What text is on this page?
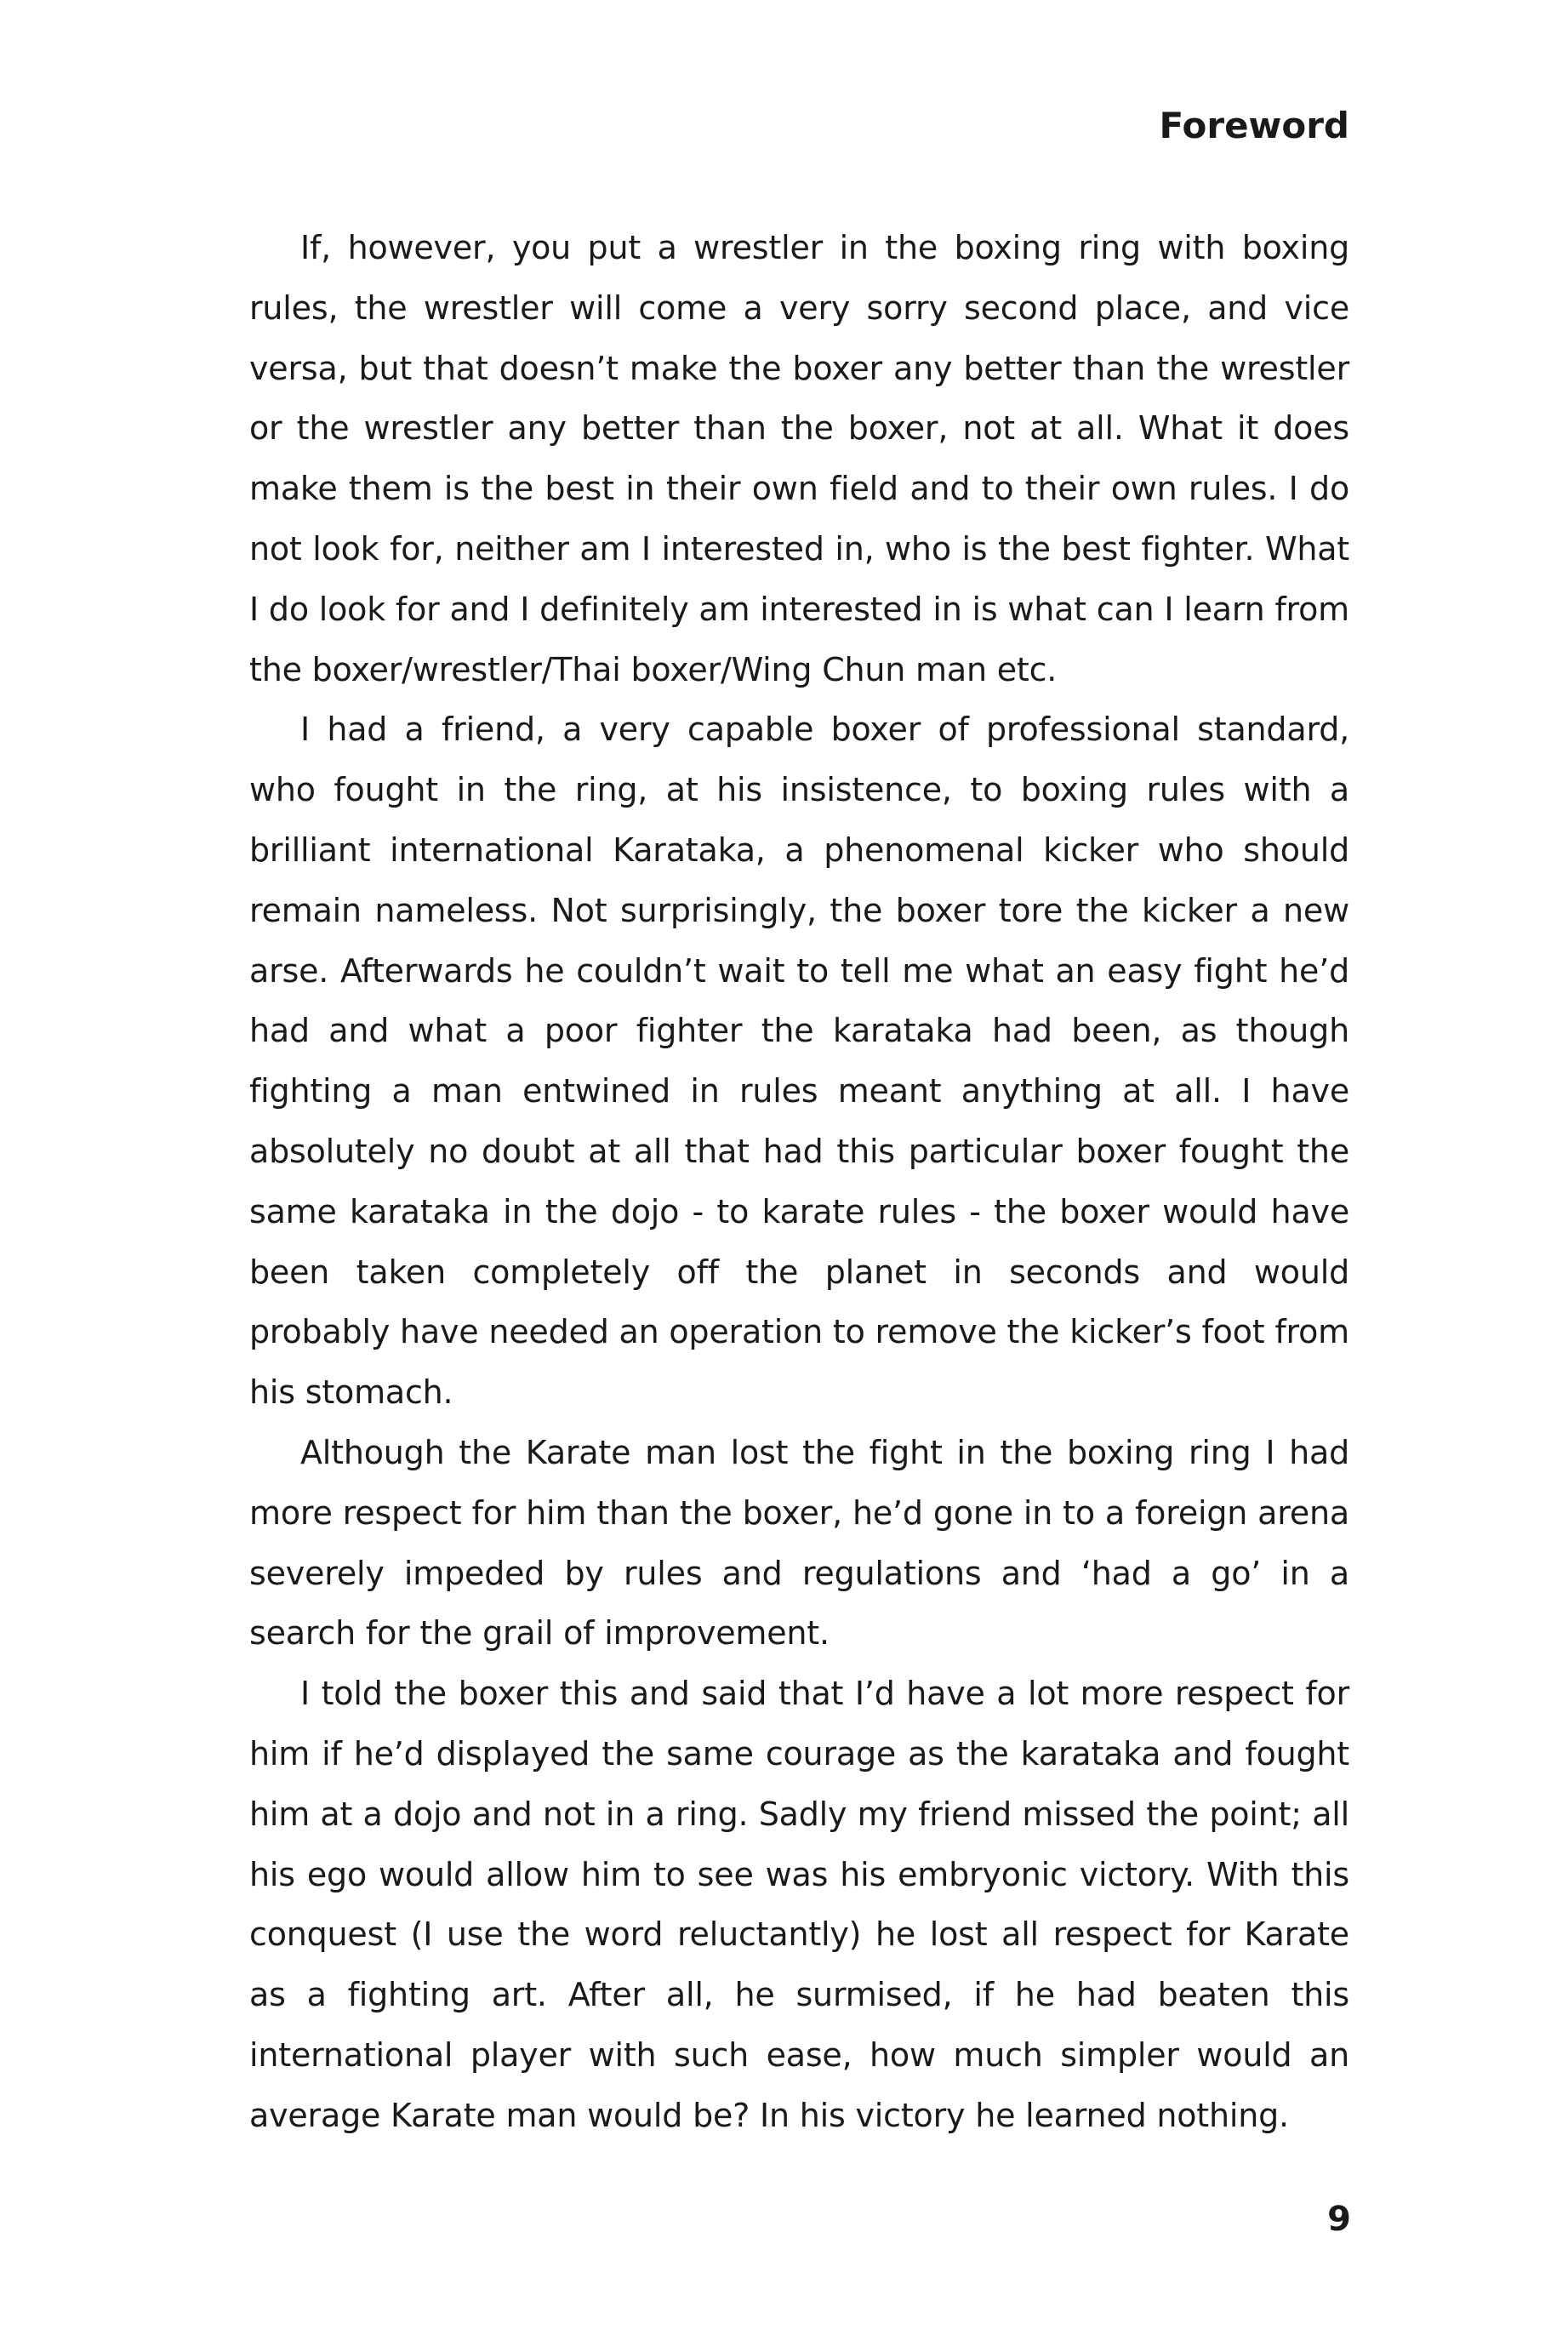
Foreword

If, however, you put a wrestler in the boxing ring with boxing rules, the wrestler will come a very sorry second place, and vice versa, but that doesn’t make the boxer any better than the wrestler or the wrestler any better than the boxer, not at all. What it does make them is the best in their own field and to their own rules. I do not look for, neither am I interested in, who is the best fighter. What I do look for and I definitely am interested in is what can I learn from the boxer/wrestler/Thai boxer/Wing Chun man etc.

I had a friend, a very capable boxer of professional standard, who fought in the ring, at his insistence, to boxing rules with a brilliant international Karataka, a phenomenal kicker who should remain nameless. Not surprisingly, the boxer tore the kicker a new arse. Afterwards he couldn’t wait to tell me what an easy fight he’d had and what a poor fighter the karataka had been, as though fighting a man entwined in rules meant anything at all. I have absolutely no doubt at all that had this particular boxer fought the same karataka in the dojo - to karate rules - the boxer would have been taken completely off the planet in seconds and would probably have needed an operation to remove the kicker’s foot from his stomach.

Although the Karate man lost the fight in the boxing ring I had more respect for him than the boxer, he’d gone in to a foreign arena severely impeded by rules and regulations and ‘had a go’ in a search for the grail of improvement.

I told the boxer this and said that I’d have a lot more respect for him if he’d displayed the same courage as the karataka and fought him at a dojo and not in a ring. Sadly my friend missed the point; all his ego would allow him to see was his embryonic victory. With this conquest (I use the word reluctantly) he lost all respect for Karate as a fighting art. After all, he surmised, if he had beaten this international player with such ease, how much simpler would an average Karate man would be? In his victory he learned nothing.

9
